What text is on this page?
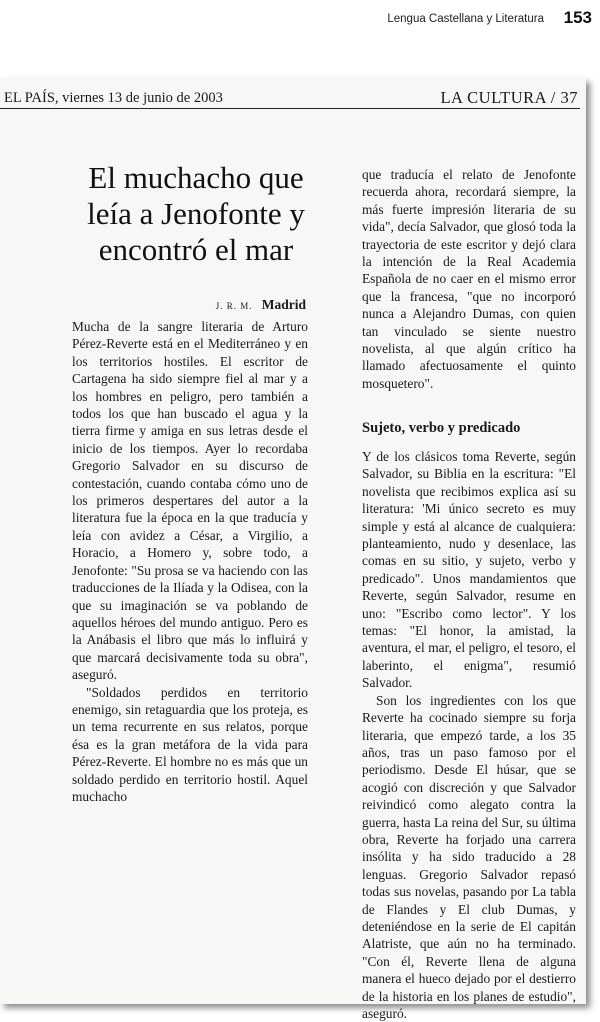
Lengua Castellana y Literatura 153
EL PAÍS, viernes 13 de junio de 2003	LA CULTURA / 37
El muchacho que leía a Jenofonte y encontró el mar
J. R. M. Madrid

Mucha de la sangre literaria de Arturo Pérez-Reverte está en el Mediterráneo y en los territorios hostiles. El escritor de Cartagena ha sido siempre fiel al mar y a los hombres en peligro, pero también a todos los que han buscado el agua y la tierra firme y amiga en sus letras desde el inicio de los tiempos. Ayer lo recordaba Gregorio Salvador en su discurso de contestación, cuando contaba cómo uno de los primeros despertares del autor a la literatura fue la época en la que traducía y leía con avidez a César, a Virgilio, a Horacio, a Homero y, sobre todo, a Jenofonte: "Su prosa se va haciendo con las traducciones de la Ilíada y la Odisea, con la que su imaginación se va poblando de aquellos héroes del mundo antiguo. Pero es la Anábasis el libro que más lo influirá y que marcará decisivamente toda su obra", aseguró.

"Soldados perdidos en territorio enemigo, sin retaguardia que los proteja, es un tema recurrente en sus relatos, porque ésa es la gran metáfora de la vida para Pérez-Reverte. El hombre no es más que un soldado perdido en territorio hostil. Aquel muchacho

que traducía el relato de Jenofonte recuerda ahora, recordará siempre, la más fuerte impresión literaria de su vida", decía Salvador, que glosó toda la trayectoria de este escritor y dejó clara la intención de la Real Academia Española de no caer en el mismo error que la francesa, "que no incorporó nunca a Alejandro Dumas, con quien tan vinculado se siente nuestro novelista, al que algún crítico ha llamado afectuosamente el quinto mosquetero".

Sujeto, verbo y predicado

Y de los clásicos toma Reverte, según Salvador, su Biblia en la escritura: "El novelista que recibimos explica así su literatura: 'Mi único secreto es muy simple y está al alcance de cualquiera: planteamiento, nudo y desenlace, las comas en su sitio, y sujeto, verbo y predicado". Unos mandamientos que Reverte, según Salvador, resume en uno: "Escribo como lector". Y los temas: "El honor, la amistad, la aventura, el mar, el peligro, el tesoro, el laberinto, el enigma", resumió Salvador.

Son los ingredientes con los que Reverte ha cocinado siempre su forja literaria, que empezó tarde, a los 35 años, tras un paso famoso por el periodismo. Desde El húsar, que se acogió con discreción y que Salvador reivindicó como alegato contra la guerra, hasta La reina del Sur, su última obra, Reverte ha forjado una carrera insólita y ha sido traducido a 28 lenguas. Gregorio Salvador repasó todas sus novelas, pasando por La tabla de Flandes y El club Dumas, y deteniéndose en la serie de El capitán Alatriste, que aún no ha terminado. "Con él, Reverte llena de alguna manera el hueco dejado por el destierro de la historia en los planes de estudio", aseguró.
